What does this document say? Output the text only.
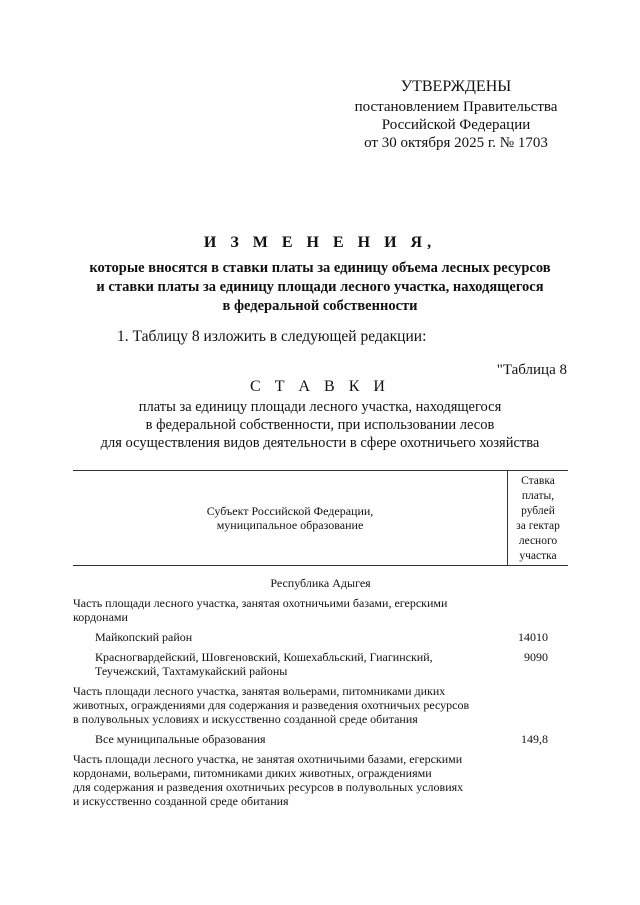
УТВЕРЖДЕНЫ
постановлением Правительства
Российской Федерации
от 30 октября 2025 г. № 1703
И З М Е Н Е Н И Я,
которые вносятся в ставки платы за единицу объема лесных ресурсов
и ставки платы за единицу площади лесного участка, находящегося
в федеральной собственности
1. Таблицу 8 изложить в следующей редакции:
"Таблица 8
С Т А В К И
платы за единицу площади лесного участка, находящегося
в федеральной собственности, при использовании лесов
для осуществления видов деятельности в сфере охотничьего хозяйства
Субъект Российской Федерации,
муниципальное образование
Ставка
платы,
рублей
за гектар
лесного
участка
Республика Адыгея
Часть площади лесного участка, занятая охотничьими базами, егерскими
кордонами
Майкопский район	14010
Красногвардейский, Шовгеновский, Кошехабльский, Гиагинский,
Теучежский, Тахтамукайский районы
9090
Часть площади лесного участка, занятая вольерами, питомниками диких
животных, ограждениями для содержания и разведения охотничьих ресурсов
в полувольных условиях и искусственно созданной среде обитания
Все муниципальные образования	149,8
Часть площади лесного участка, не занятая охотничьими базами, егерскими
кордонами, вольерами, питомниками диких животных, ограждениями
для содержания и разведения охотничьих ресурсов в полувольных условиях
и искусственно созданной среде обитания
